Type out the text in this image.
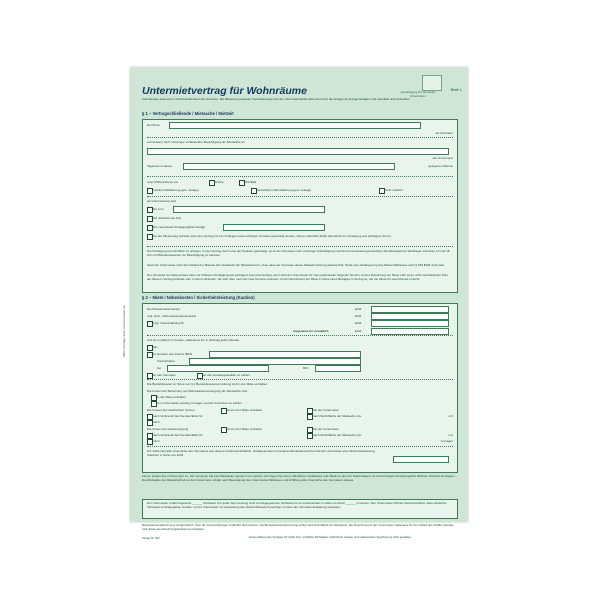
Mehr Verträge unter www.formulare.de
Untermietvertrag für Wohnräume	Blatt 1
Ausfertigung für Vermieter Untermieter
Zutreffendes ankreuzen. Nichtzutreffendes bitte streichen. Bei Mitteilung separater Vereinbarungen auf den Informationsblatt (bitte dort auch die Anlage) an Anlage beifügen und ebenfalls unterschreiben.
§ 1 – Vertragschließende / Mietsache / Mietzeit
Herr/Frau
als Vermieter
vermietet(n) nach vorheriger umfassender Besichtigung der Mietsache an
als Untermieter
folgende im Hause	gelegenen Räume
unter Mitbenutzung von	Küche	WC/Bad
möbliert (Möblierung gem. Anlage)	teilmöbliert (Teilmöblierung gem. Anlage)	nicht möbliert
als Untermietung wird
bis zum
auf unbestimmte Zeit
Die vereinbarte Kündigungsfrist beträgt
bei der Mietvertrag befristet, kann der Vertrag nur bei Vorliegen eines wichtigen Grundes gekündigt werden. Davon unberührt bleibt das Recht zur Kündigung aus wichtigem Grund.
Die Kündigung hat schriftlich zu erfolgen. Ist der Vertrag durch eine der Parteien gekündigt, so ist der Vermieter nach vorheriger Ankündigung und Terminvereinbarung berechtigt, das Mietobjekt an Werktagen zwischen 10 und 18 Uhr mit Mietinteressenten zur Besichtigung zu betreten.
Setzt der Untermieter nach dem Ablauf der Mietzeit den Gebrauch der Mietsache fort, ohne dass der Vermieter dieser Weiterbenutzung widerspricht, findet eine Verlängerung des Mietverhältnisses nach § 545 BGB nicht statt.
Der Vermieter ist insbesondere dazu zur fristlosen Kündigung aus wichtigem Grund berechtigt, wenn sich der Untermieter für zwei aufeinander folgende Termine mit der Entrichtung der Miete oder eines nicht unerheblichen Teils der Miete in Verzug befindet oder in einem Zeitraum, der sich über mehr als zwei Termine erstreckt, mit der Entrichtung der Miete in Höhe eines Betrages in Verzug ist, der die Miete für zwei Monate erreicht.
§ 2 – Miete / Nebenkosten / Sicherheitsleistung (Kaution)
Die Monatsmiete beträgt	EUR
zzgl. Heiz-, Warmwasserkostenanteil	EUR
zzgl. Vorauszahlung für	EUR
insgesamt zzt. monatlich	EUR
und ist monatlich im Voraus, spätestens am 3. Werktag jeden Monats
bar
zu Gunsten des Kontos IBAN
Kontoinhaber
bei	BIC
an den Vermieter	an den Hausangestellten zu zahlen
Die Betriebskosten im Sinne von § 2 Betriebskostenverordnung sind in der Miete enthalten
Die Kosten der Beheizung und Warmwasserversorgung der Mietsache sind
in der Miete enthalten
vom Untermieter anteilig zu tragen und als Vorschuss zu zahlen
Die Kosten des elektrischen Stroms	sind in der Miete enthalten	hat der Untermieter
nach Verbrauch laut Sonderzähler Nr.	nach Wohnfläche der Mietsache (ca.	m²)
nach
Die Kosten der Gasversorgung	sind in der Miete enthalten	hat der Untermieter
nach Verbrauch laut Sonderzähler Nr.	nach Wohnfläche der Mietsache (ca.	m²)
nach	zu tragen
Zur Sicherung aller Ansprüche des Vermieters aus diesem Untermietverhältnis, Schadenersatz und anderen Ersatzansprüchen hat der Untermieter eine Sicherheitsleistung (Kaution) in Höhe von EUR
Zinsen stehen dem Untermieter zu. Der Vermieter hat eine Barkaution getrennt von seinem Vermögen bei einem öffentlichen Sparkasse oder Bank zu dem für Spareinlagen mit dreimonatiger Kündigungsfrist üblichen Zinssatz anzulegen. Die Rückgabe der Mietsicherheit an den Untermieter erfolgt nach Beendigung des Untermietverhältnisses und Erfüllung aller Ansprüche des Vermieters daraus.
Der Untermieter erhält insgesamt ______ Schlüssel. Für jeden beim Auszug nicht zurückgegebenen Schlüssel ist ein Kostenersatz in Höhe von EUR ______ zu leisten. Den Untermieter trifft die Nachweispflicht, dass sämtliche Schlüssel zurückgegeben wurden. Ist der Untermieter zur Herstellung des Nachschlüssels berechtigt, so kann der Vermieter Erstattung verlangen.
Betriebskostenabrechnung erfolgt jährlich. Über die Vorauszahlungen ist jährlich abzurechnen. Die Betriebskostenabrechnung erfolgt nach Wohnfläche der Mietsache. Die Abrechnung ist dem Untermieter spätestens bis zum Ablauf des zwölften Monats nach Ende des Abrechnungszeitraums mitzuteilen.
Verlag Nr. 522	Keine Haftung des Verlages für Inhalt bzw. rechtliche Richtigkeit. Nachdruck, Kopien und elektronische Speicherung nicht gestattet.
